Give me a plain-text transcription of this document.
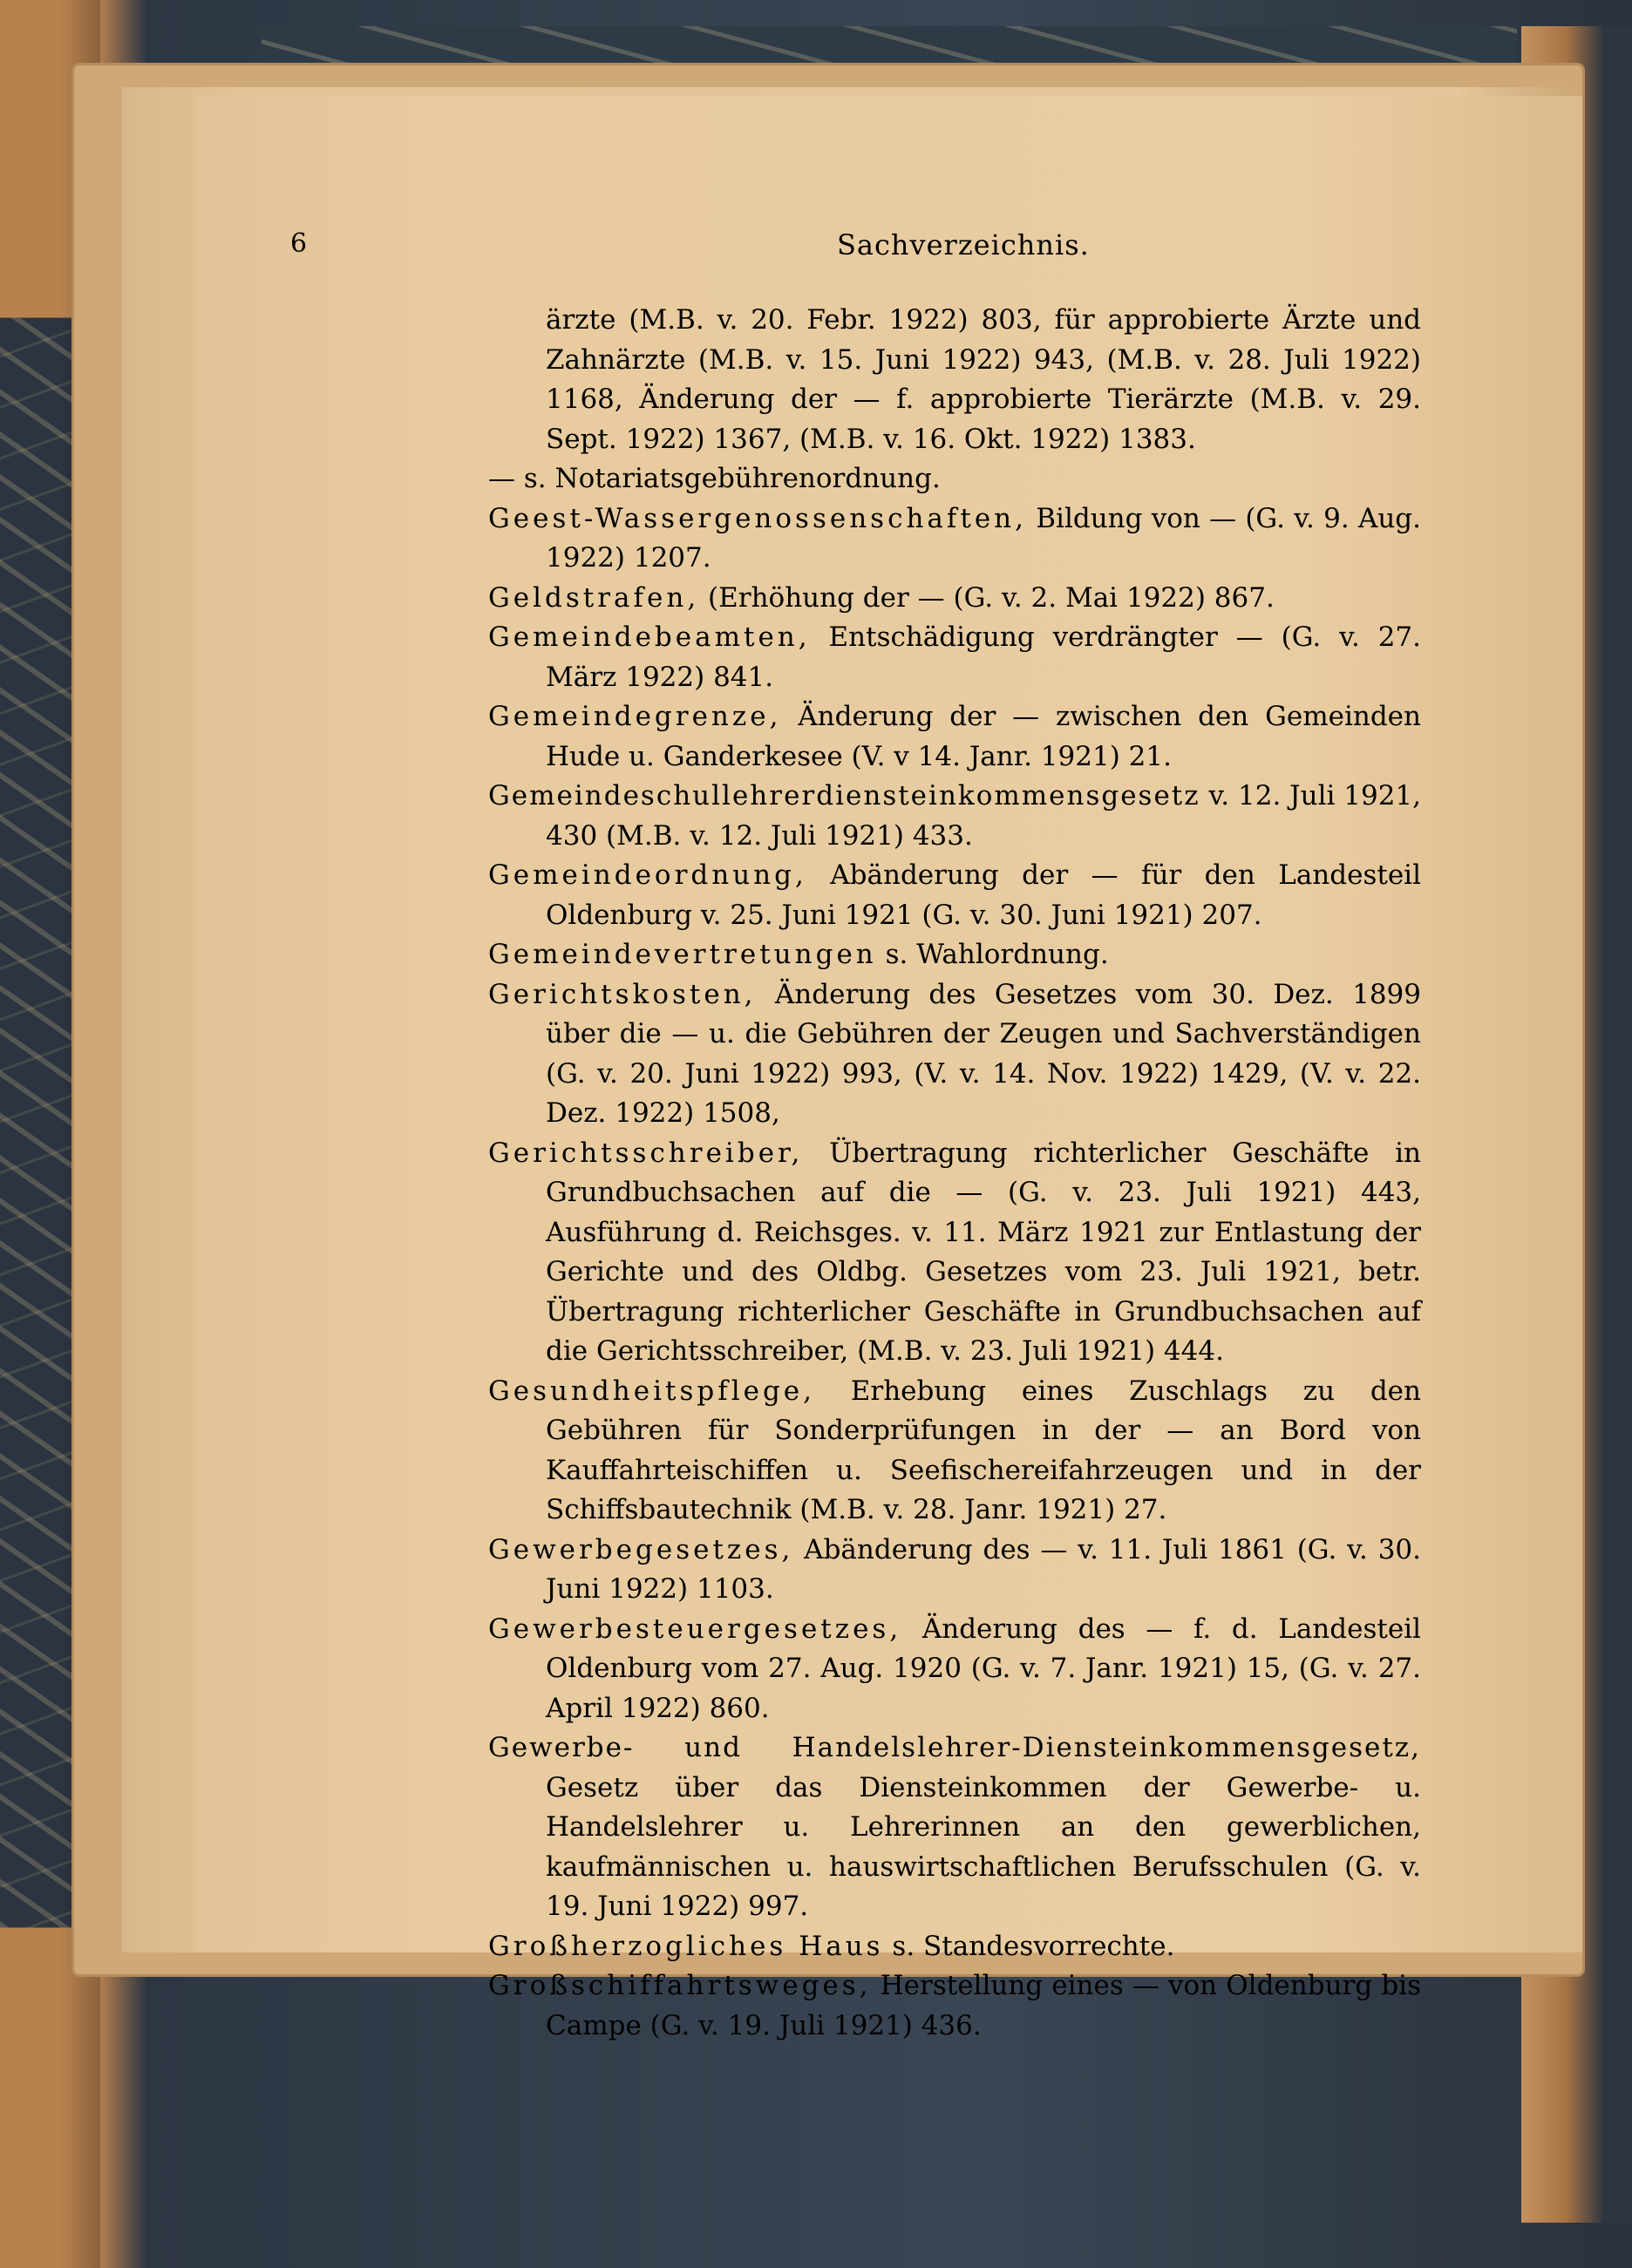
6	Sachverzeichnis.

ärzte (M.B. v. 20. Febr. 1922) 803, für approbierte Ärzte und Zahnärzte (M.B. v. 15. Juni 1922) 943, (M.B. v. 28. Juli 1922) 1168, Änderung der — f. approbierte Tierärzte (M.B. v. 29. Sept. 1922) 1367, (M.B. v. 16. Okt. 1922) 1383.

— s. Notariatsgebührenordnung.

Geest-Wassergenossenschaften, Bildung von — (G. v. 9. Aug. 1922) 1207.

Geldstrafen, (Erhöhung der — (G. v. 2. Mai 1922) 867.

Gemeindebeamten, Entschädigung verdrängter — (G. v. 27. März 1922) 841.

Gemeindegrenze, Änderung der — zwischen den Gemeinden Hude u. Ganderkesee (V. v 14. Janr. 1921) 21.

Gemeindeschullehrerdiensteinkommensgesetz v. 12. Juli 1921, 430 (M.B. v. 12. Juli 1921) 433.

Gemeindeordnung, Abänderung der — für den Landesteil Oldenburg v. 25. Juni 1921 (G. v. 30. Juni 1921) 207.

Gemeindevertretungen s. Wahlordnung.

Gerichtskosten, Änderung des Gesetzes vom 30. Dez. 1899 über die — u. die Gebühren der Zeugen und Sachverständigen (G. v. 20. Juni 1922) 993, (V. v. 14. Nov. 1922) 1429, (V. v. 22. Dez. 1922) 1508,

Gerichtsschreiber, Übertragung richterlicher Geschäfte in Grundbuchsachen auf die — (G. v. 23. Juli 1921) 443, Ausführung d. Reichsges. v. 11. März 1921 zur Entlastung der Gerichte und des Oldbg. Gesetzes vom 23. Juli 1921, betr. Übertragung richterlicher Geschäfte in Grundbuchsachen auf die Gerichtsschreiber, (M.B. v. 23. Juli 1921) 444.

Gesundheitspflege, Erhebung eines Zuschlags zu den Gebühren für Sonderprüfungen in der — an Bord von Kauffahrteischiffen u. Seefischereifahrzeugen und in der Schiffsbautechnik (M.B. v. 28. Janr. 1921) 27.

Gewerbegesetzes, Abänderung des — v. 11. Juli 1861 (G. v. 30. Juni 1922) 1103.

Gewerbesteuergesetzes, Änderung des — f. d. Landesteil Oldenburg vom 27. Aug. 1920 (G. v. 7. Janr. 1921) 15, (G. v. 27. April 1922) 860.

Gewerbe- und Handelslehrer-Diensteinkommensgesetz, Gesetz über das Diensteinkommen der Gewerbe- u. Handelslehrer u. Lehrerinnen an den gewerblichen, kaufmännischen u. hauswirtschaftlichen Berufsschulen (G. v. 19. Juni 1922) 997.

Großherzogliches Haus s. Standesvorrechte.

Großschiffahrtsweges, Herstellung eines — von Oldenburg bis Campe (G. v. 19. Juli 1921) 436.
